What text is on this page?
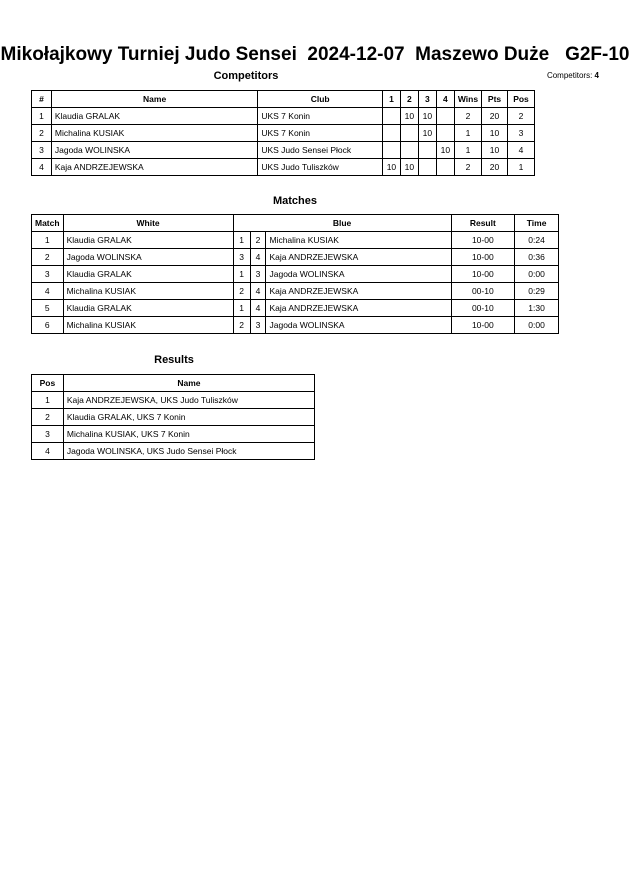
Mikołajkowy Turniej Judo Sensei  2024-12-07  Maszewo Duże   G2F-10
Competitors	Competitors: 4
#	Name	Club	1	2	3	4	Wins	Pts	Pos
1	Klaudia GRALAK	UKS 7 Konin		10	10		2	20	2
2	Michalina KUSIAK	UKS 7 Konin			10		1	10	3
3	Jagoda WOLINSKA	UKS Judo Sensei Płock				10	1	10	4
4	Kaja ANDRZEJEWSKA	UKS Judo Tuliszków	10	10			2	20	1
Matches
Match	White	Blue			Result	Time
1	Klaudia GRALAK	1	2	Michalina KUSIAK	10-00	0:24
2	Jagoda WOLINSKA	3	4	Kaja ANDRZEJEWSKA	10-00	0:36
3	Klaudia GRALAK	1	3	Jagoda WOLINSKA	10-00	0:00
4	Michalina KUSIAK	2	4	Kaja ANDRZEJEWSKA	00-10	0:29
5	Klaudia GRALAK	1	4	Kaja ANDRZEJEWSKA	00-10	1:30
6	Michalina KUSIAK	2	3	Jagoda WOLINSKA	10-00	0:00
Results
Pos	Name
1	Kaja ANDRZEJEWSKA, UKS Judo Tuliszków
2	Klaudia GRALAK, UKS 7 Konin
3	Michalina KUSIAK, UKS 7 Konin
4	Jagoda WOLINSKA, UKS Judo Sensei Płock
